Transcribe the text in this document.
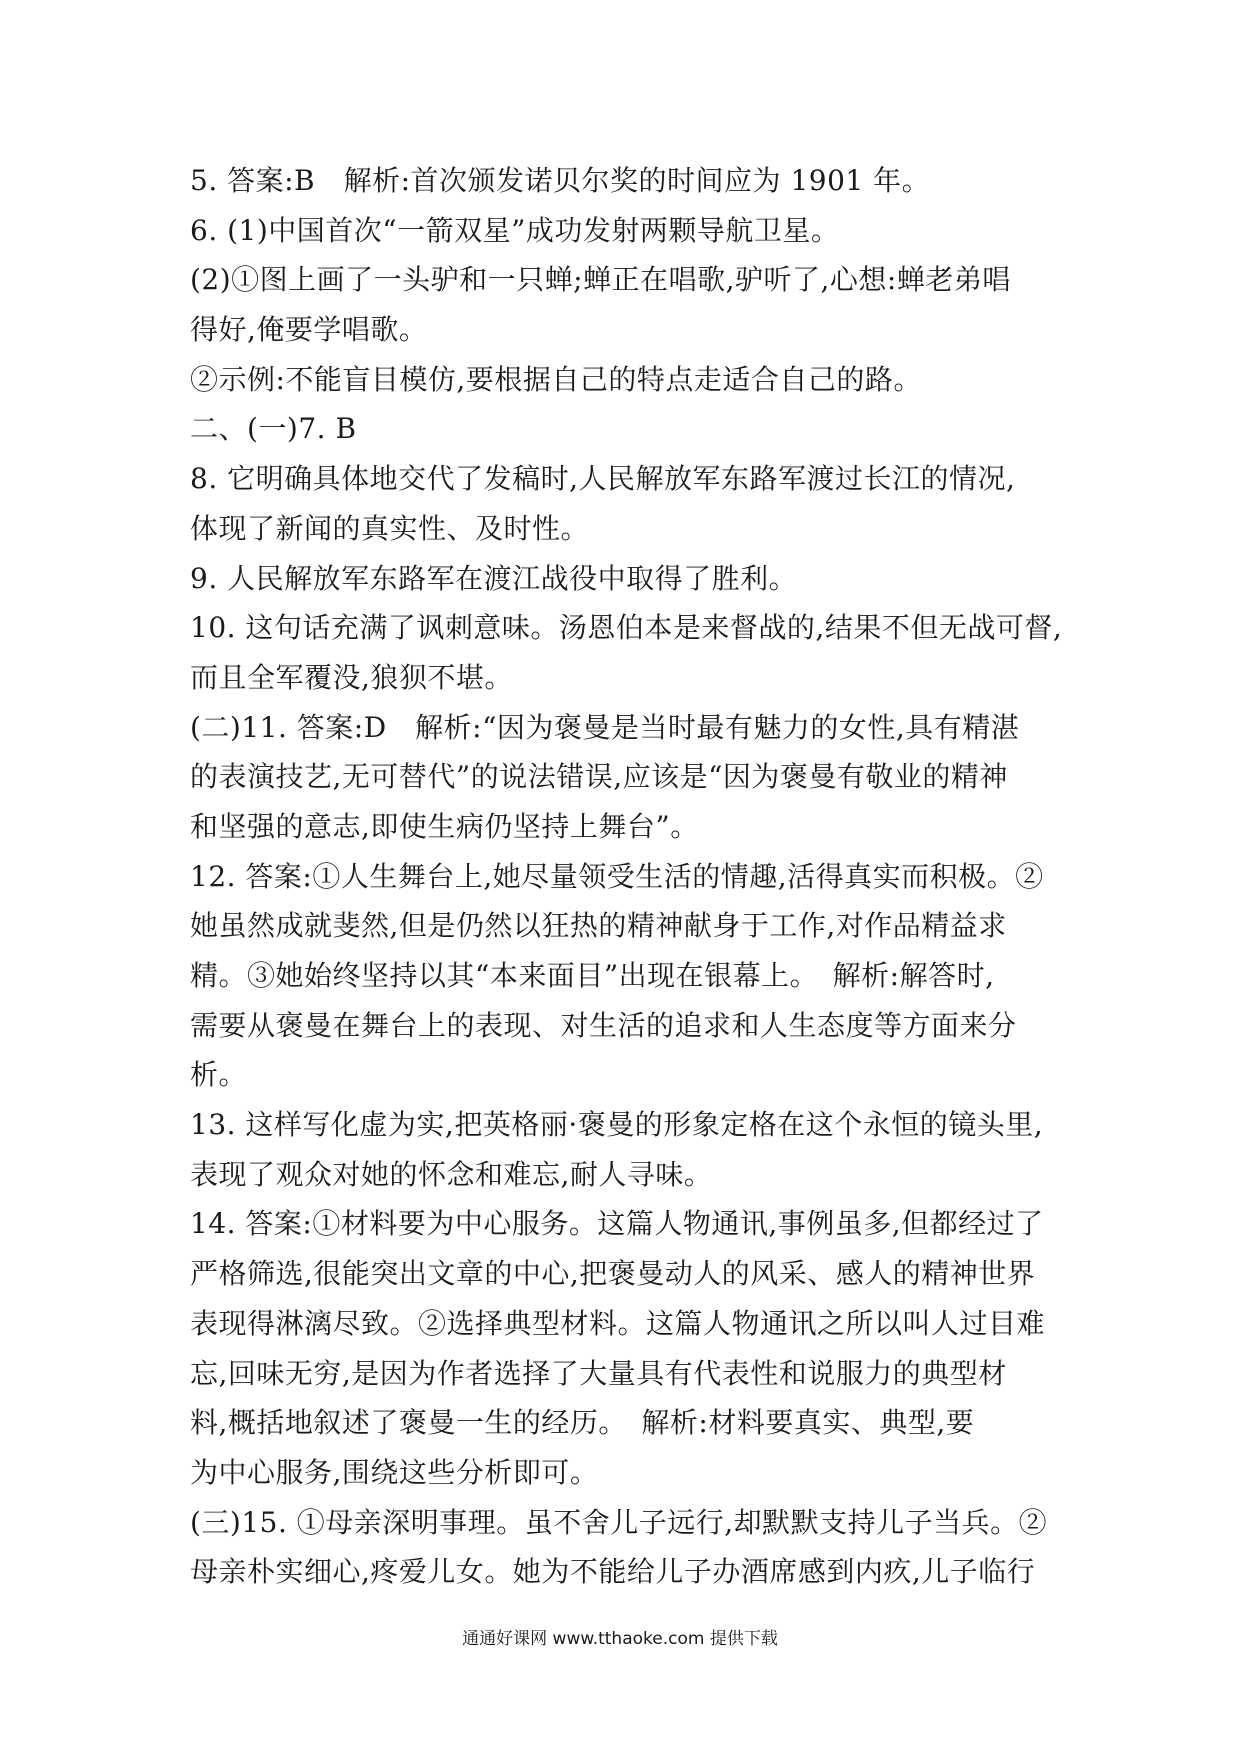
5. 答案:B　解析:首次颁发诺贝尔奖的时间应为 1901 年。
6. (1)中国首次“一箭双星”成功发射两颗导航卫星。
(2)①图上画了一头驴和一只蝉;蝉正在唱歌,驴听了,心想:蝉老弟唱
得好,俺要学唱歌。
②示例:不能盲目模仿,要根据自己的特点走适合自己的路。
二、(一)7. B
8. 它明确具体地交代了发稿时,人民解放军东路军渡过长江的情况,
体现了新闻的真实性、及时性。
9. 人民解放军东路军在渡江战役中取得了胜利。
10. 这句话充满了讽刺意味。汤恩伯本是来督战的,结果不但无战可督,
而且全军覆没,狼狈不堪。
(二)11. 答案:D　解析:“因为褒曼是当时最有魅力的女性,具有精湛
的表演技艺,无可替代”的说法错误,应该是“因为褒曼有敬业的精神
和坚强的意志,即使生病仍坚持上舞台”。
12. 答案:①人生舞台上,她尽量领受生活的情趣,活得真实而积极。②
她虽然成就斐然,但是仍然以狂热的精神献身于工作,对作品精益求
精。③她始终坚持以其“本来面目”出现在银幕上。　解析:解答时,
需要从褒曼在舞台上的表现、对生活的追求和人生态度等方面来分
析。
13. 这样写化虚为实,把英格丽·褒曼的形象定格在这个永恒的镜头里,
表现了观众对她的怀念和难忘,耐人寻味。
14. 答案:①材料要为中心服务。这篇人物通讯,事例虽多,但都经过了
严格筛选,很能突出文章的中心,把褒曼动人的风采、感人的精神世界
表现得淋漓尽致。②选择典型材料。这篇人物通讯之所以叫人过目难
忘,回味无穷,是因为作者选择了大量具有代表性和说服力的典型材
料,概括地叙述了褒曼一生的经历。　解析:材料要真实、典型,要
为中心服务,围绕这些分析即可。
(三)15. ①母亲深明事理。虽不舍儿子远行,却默默支持儿子当兵。②
母亲朴实细心,疼爱儿女。她为不能给儿子办酒席感到内疚,儿子临行
通通好课网 www.tthaoke.com 提供下载
